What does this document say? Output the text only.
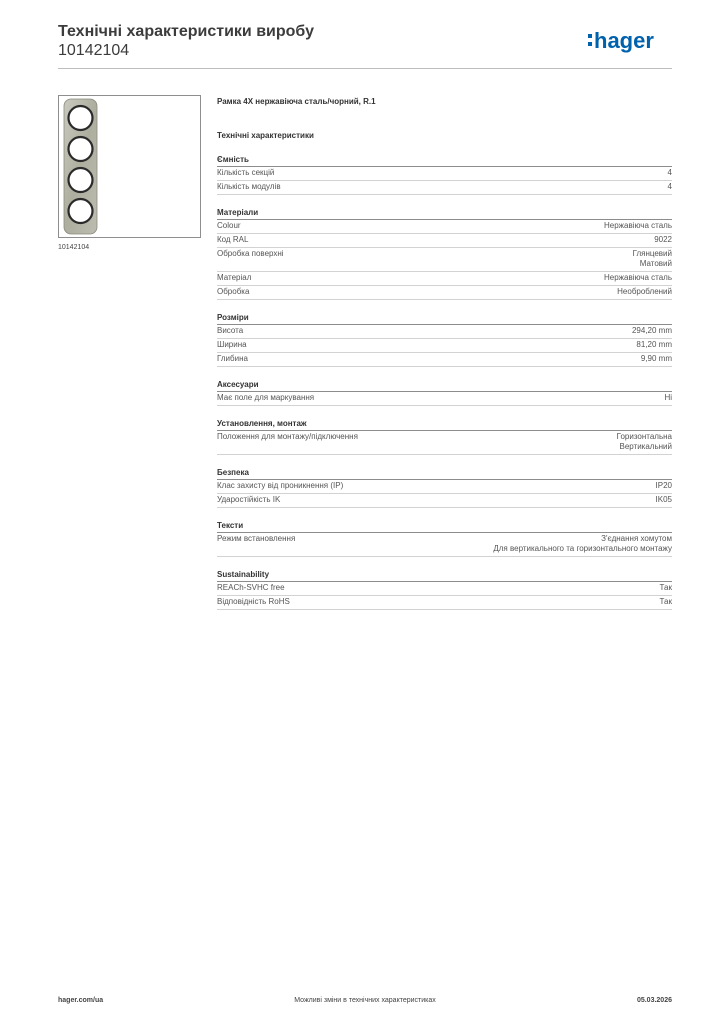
Технічні характеристики виробу
10142104	hager
10142104
Рамка 4X нержавіюча сталь/чорний, R.1
Технічні характеристики
Ємність
Кількість секцій	4
Кількість модулів	4
Матеріали
Colour	Нержавіюча сталь
Код RAL	9022
Обробка поверхні	Глянцевий
Матовий
Матеріал	Нержавіюча сталь
Обробка	Необроблений
Розміри
Висота	294,20 mm
Ширина	81,20 mm
Глибина	9,90 mm
Аксесуари
Має поле для маркування	Hi
Установлення, монтаж
Положення для монтажу/підключення	Горизонтальна
Вертикальний
Безпека
Клас захисту від проникнення (IP)	IP20
Ударостійкість IK	IK05
Тексти
Режим встановлення	З'єднання хомутом
Для вертикального та горизонтального монтажу
Sustainability
REACh-SVHC free	Так
Відповідність RoHS	Так
hager.com/ua	Можливі зміни в технічних характеристиках	05.03.2026
